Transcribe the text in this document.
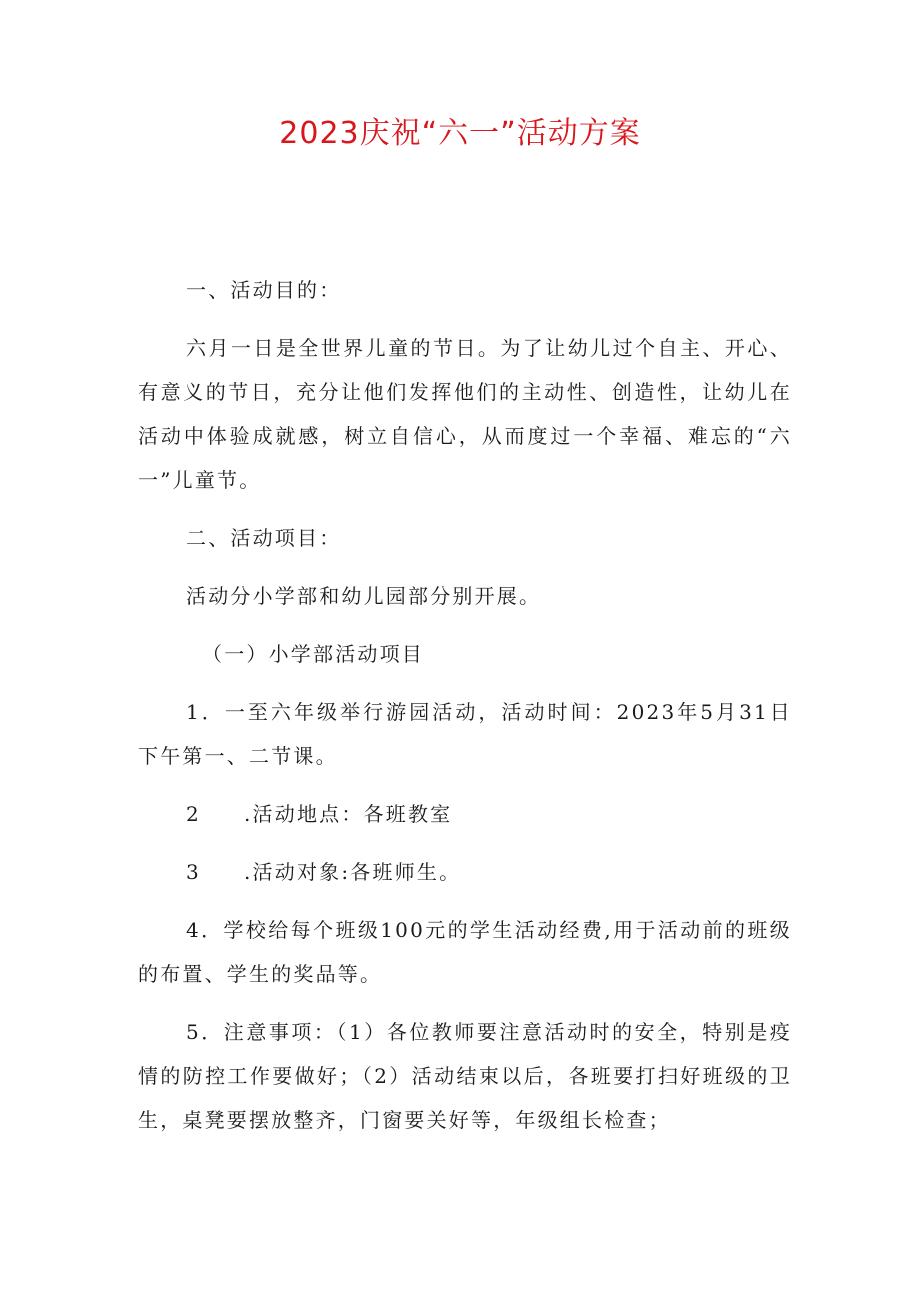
2023庆祝“六一”活动方案

一、活动目的：

六月一日是全世界儿童的节日。为了让幼儿过个自主、开心、有意义的节日，充分让他们发挥他们的主动性、创造性，让幼儿在活动中体验成就感，树立自信心，从而度过一个幸福、难忘的“六一”儿童节。

二、活动项目：

活动分小学部和幼儿园部分别开展。

（一）小学部活动项目

1．一至六年级举行游园活动，活动时间：2023年5月31日下午第一、二节课。

2 .活动地点：各班教室

3 .活动对象:各班师生。

4．学校给每个班级100元的学生活动经费,用于活动前的班级的布置、学生的奖品等。

5．注意事项：（1）各位教师要注意活动时的安全，特别是疫情的防控工作要做好；（2）活动结束以后，各班要打扫好班级的卫生，桌凳要摆放整齐，门窗要关好等，年级组长检查；
